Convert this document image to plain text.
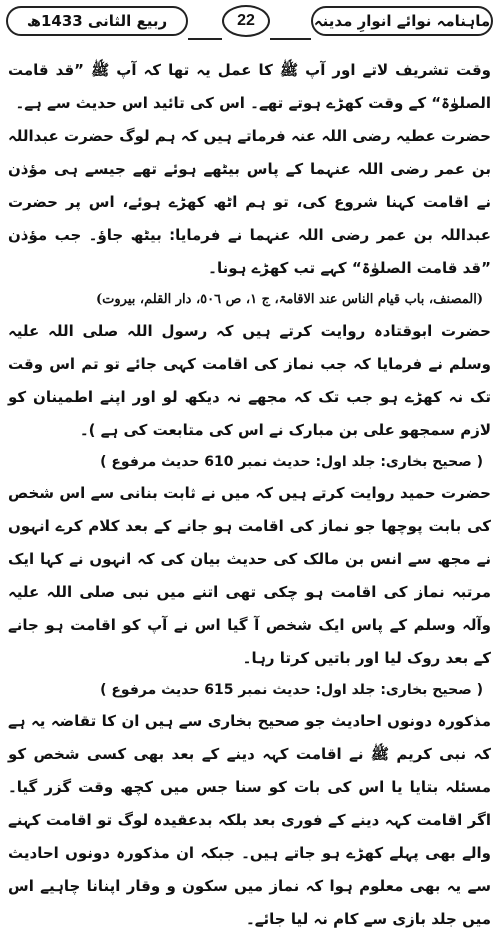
ماہنامہ نوائے انوارِ مدینہ
22
ربیع الثانی 1433ھ

وقت تشریف لاتے اور آپ ﷺ کا عمل یہ تھا کہ آپ ﷺ ”قد قامت الصلوٰۃ“ کے وقت کھڑے ہوتے تھے۔ اس کی تائید اس حدیث سے ہے۔

حضرت عطیہ رضی اللہ عنہ فرماتے ہیں کہ ہم لوگ حضرت عبداللہ بن عمر رضی اللہ عنہما کے پاس بیٹھے ہوئے تھے جیسے ہی مؤذن نے اقامت کہنا شروع کی، تو ہم اٹھ کھڑے ہوئے، اس پر حضرت عبداللہ بن عمر رضی اللہ عنہما نے فرمایا: بیٹھ جاؤ۔ جب مؤذن ”قد قامت الصلوٰۃ“ کہے تب کھڑے ہونا۔

(المصنف، باب قیام الناس عند الاقامۃ، ج ١، ص ٥٠٦، دار القلم، بیروت)

حضرت ابوقتادہ روایت کرتے ہیں کہ رسول اللہ صلی اللہ علیہ وسلم نے فرمایا کہ جب نماز کی اقامت کہی جائے تو تم اس وقت تک نہ کھڑے ہو جب تک کہ مجھے نہ دیکھ لو اور اپنے اطمینان کو لازم سمجھو علی بن مبارک نے اس کی متابعت کی ہے )۔

( صحیح بخاری: جلد اول: حدیث نمبر 610 حدیث مرفوع )

حضرت حمید روایت کرتے ہیں کہ میں نے ثابت بنانی سے اس شخص کی بابت پوچھا جو نماز کی اقامت ہو جانے کے بعد کلام کرے انہوں نے مجھ سے انس بن مالک کی حدیث بیان کی کہ انہوں نے کہا ایک مرتبہ نماز کی اقامت ہو چکی تھی اتنے میں نبی صلی اللہ علیہ وآلہ وسلم کے پاس ایک شخص آ گیا اس نے آپ کو اقامت ہو جانے کے بعد روک لیا اور باتیں کرتا رہا۔

( صحیح بخاری: جلد اول: حدیث نمبر 615 حدیث مرفوع )

مذکورہ دونوں احادیث جو صحیح بخاری سے ہیں ان کا تقاضہ یہ ہے کہ نبی کریم ﷺ نے اقامت کہہ دینے کے بعد بھی کسی شخص کو مسئلہ بتایا یا اس کی بات کو سنا جس میں کچھ وقت گزر گیا۔ اگر اقامت کہہ دینے کے فوری بعد بلکہ بدعقیدہ لوگ تو اقامت کہنے والے بھی پہلے کھڑے ہو جاتے ہیں۔ جبکہ ان مذکورہ دونوں احادیث سے یہ بھی معلوم ہوا کہ نماز میں سکون و وقار اپنانا چاہیے اس میں جلد بازی سے کام نہ لیا جائے۔
